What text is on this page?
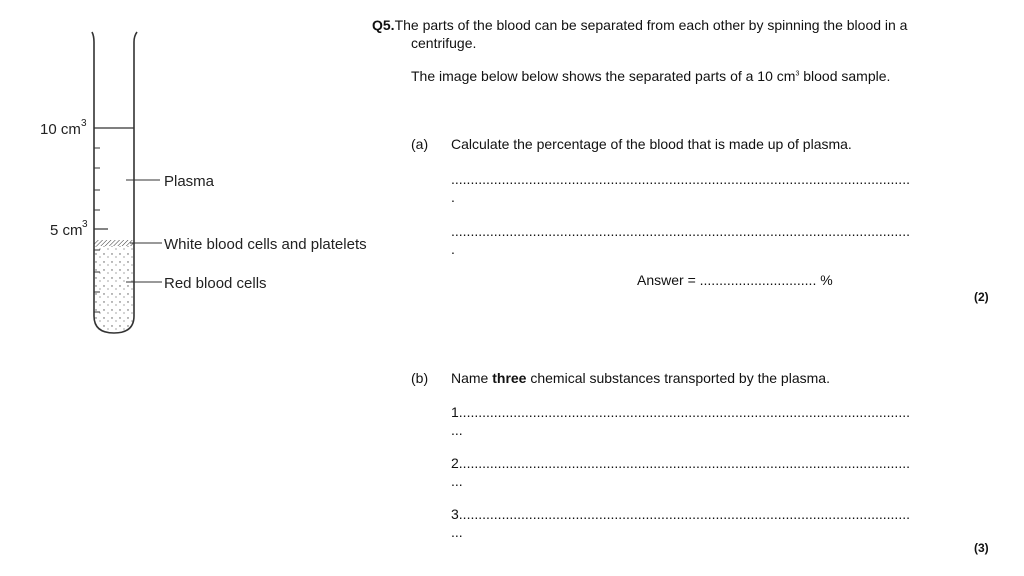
10 cm 3
5 cm 3
Plasma
White blood cells and platelets
Red blood cells
Q5.The parts of the blood can be separated from each other by spinning the blood in a
centrifuge.
The image below below shows the separated parts of a 10 $cm^3$ blood sample.
(a) Calculate the percentage of the blood that is made up of plasma.
......................................................................................................................
.
......................................................................................................................
.
Answer = .............................. %
(2)
(b) Name three chemical substances transported by the plasma.
1....................................................................................................................
...
2....................................................................................................................
...
3....................................................................................................................
...
(3)
